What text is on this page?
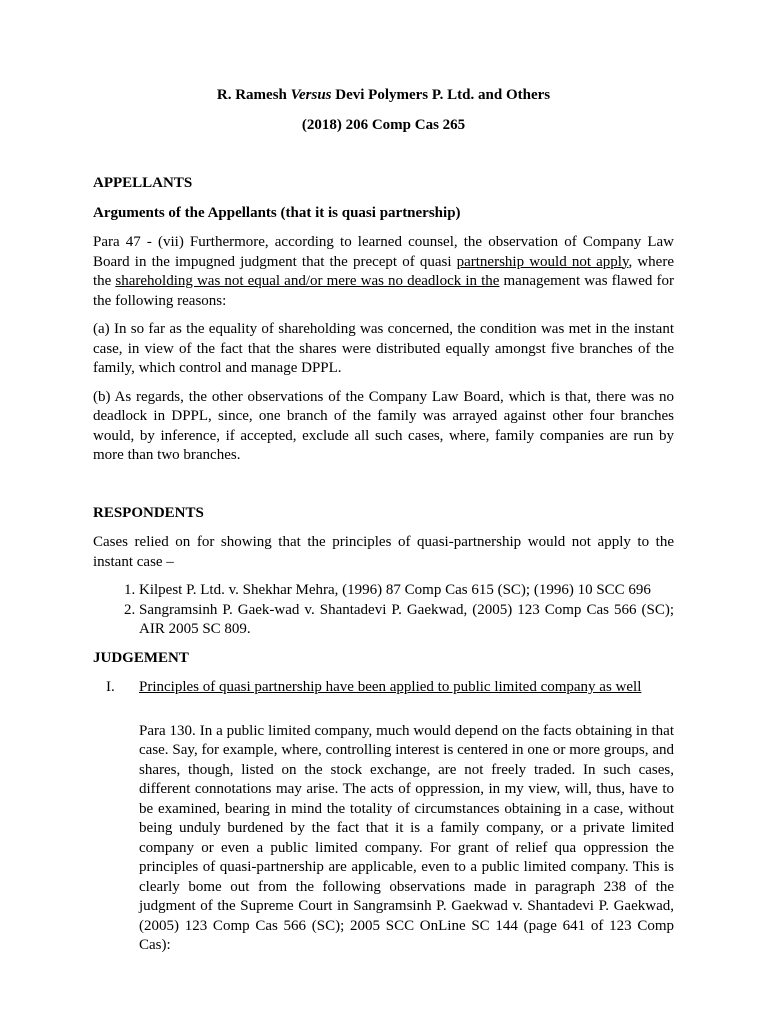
R. Ramesh Versus Devi Polymers P. Ltd. and Others

(2018) 206 Comp Cas 265

APPELLANTS

Arguments of the Appellants (that it is quasi partnership)

Para 47 - (vii) Furthermore, according to learned counsel, the observation of Company Law Board in the impugned judgment that the precept of quasi partnership would not apply, where the shareholding was not equal and/or mere was no deadlock in the management was flawed for the following reasons:

(a) In so far as the equality of shareholding was concerned, the condition was met in the instant case, in view of the fact that the shares were distributed equally amongst five branches of the family, which control and manage DPPL.

(b) As regards, the other observations of the Company Law Board, which is that, there was no deadlock in DPPL, since, one branch of the family was arrayed against other four branches would, by inference, if accepted, exclude all such cases, where, family companies are run by more than two branches.

RESPONDENTS

Cases relied on for showing that the principles of quasi-partnership would not apply to the instant case –

1. Kilpest P. Ltd. v. Shekhar Mehra, (1996) 87 Comp Cas 615 (SC); (1996) 10 SCC 696
2. Sangramsinh P. Gaek-wad v. Shantadevi P. Gaekwad, (2005) 123 Comp Cas 566 (SC); AIR 2005 SC 809.

JUDGEMENT

I.	Principles of quasi partnership have been applied to public limited company as well

Para 130. In a public limited company, much would depend on the facts obtaining in that case. Say, for example, where, controlling interest is centered in one or more groups, and shares, though, listed on the stock exchange, are not freely traded. In such cases, different connotations may arise. The acts of oppression, in my view, will, thus, have to be examined, bearing in mind the totality of circumstances obtaining in a case, without being unduly burdened by the fact that it is a family company, or a private limited company or even a public limited company. For grant of relief qua oppression the principles of quasi-partnership are applicable, even to a public limited company. This is clearly bome out from the following observations made in paragraph 238 of the judgment of the Supreme Court in Sangramsinh P. Gaekwad v. Shantadevi P. Gaekwad, (2005) 123 Comp Cas 566 (SC); 2005 SCC OnLine SC 144 (page 641 of 123 Comp Cas):
